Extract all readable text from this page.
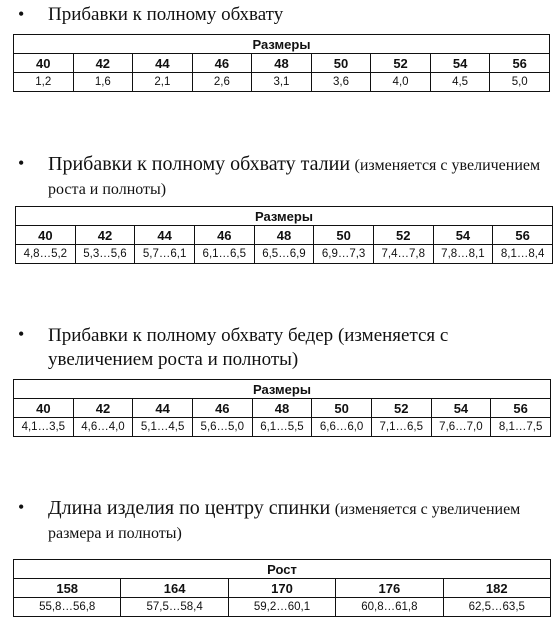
•	Прибавки к полному обхвату
Размеры								
40	42	44	46	48	50	52	54	56
1,2	1,6	2,1	2,6	3,1	3,6	4,0	4,5	5,0
•	Прибавки к полному обхвату талии (изменяется с увеличением роста и полноты)
Размеры								
40	42	44	46	48	50	52	54	56
4,8…5,2	5,3…5,6	5,7…6,1	6,1…6,5	6,5…6,9	6,9…7,3	7,4…7,8	7,8…8,1	8,1…8,4
•	Прибавки к полному обхвату бедер (изменяется с увеличением роста и полноты)
Размеры								
40	42	44	46	48	50	52	54	56
4,1…3,5	4,6…4,0	5,1…4,5	5,6…5,0	6,1…5,5	6,6…6,0	7,1…6,5	7,6…7,0	8,1…7,5
•	Длина изделия по центру спинки (изменяется с увеличением размера и полноты)
Рост				
158	164	170	176	182
55,8…56,8	57,5…58,4	59,2…60,1	60,8…61,8	62,5…63,5
